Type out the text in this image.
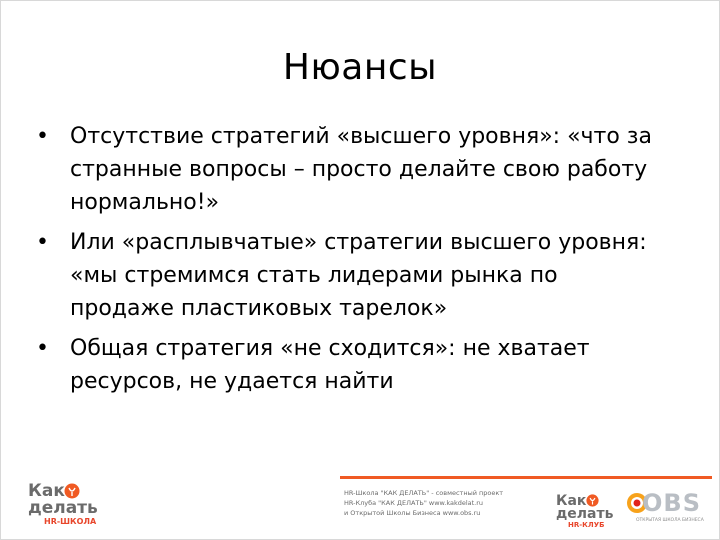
Нюансы
• Отсутствие стратегий «высшего уровня»: «что за
странные вопросы – просто делайте свою работу
нормально!»
• Или «расплывчатые» стратегии высшего уровня:
«мы стремимся стать лидерами рынка по
продаже пластиковых тарелок»
• Общая стратегия «не сходится»: не хватает
ресурсов, не удается найти
Как
делать
HR-ШКОЛА
HR-Школа "КАК ДЕЛАТЬ" - совместный проект
HR-Клуба "КАК ДЕЛАТЬ" www.kakdelat.ru
и Открытой Школы Бизнеса www.obs.ru
Как
делать
HR-КЛУБ
OBS
ОТКРЫТАЯ ШКОЛА БИЗНЕСА
